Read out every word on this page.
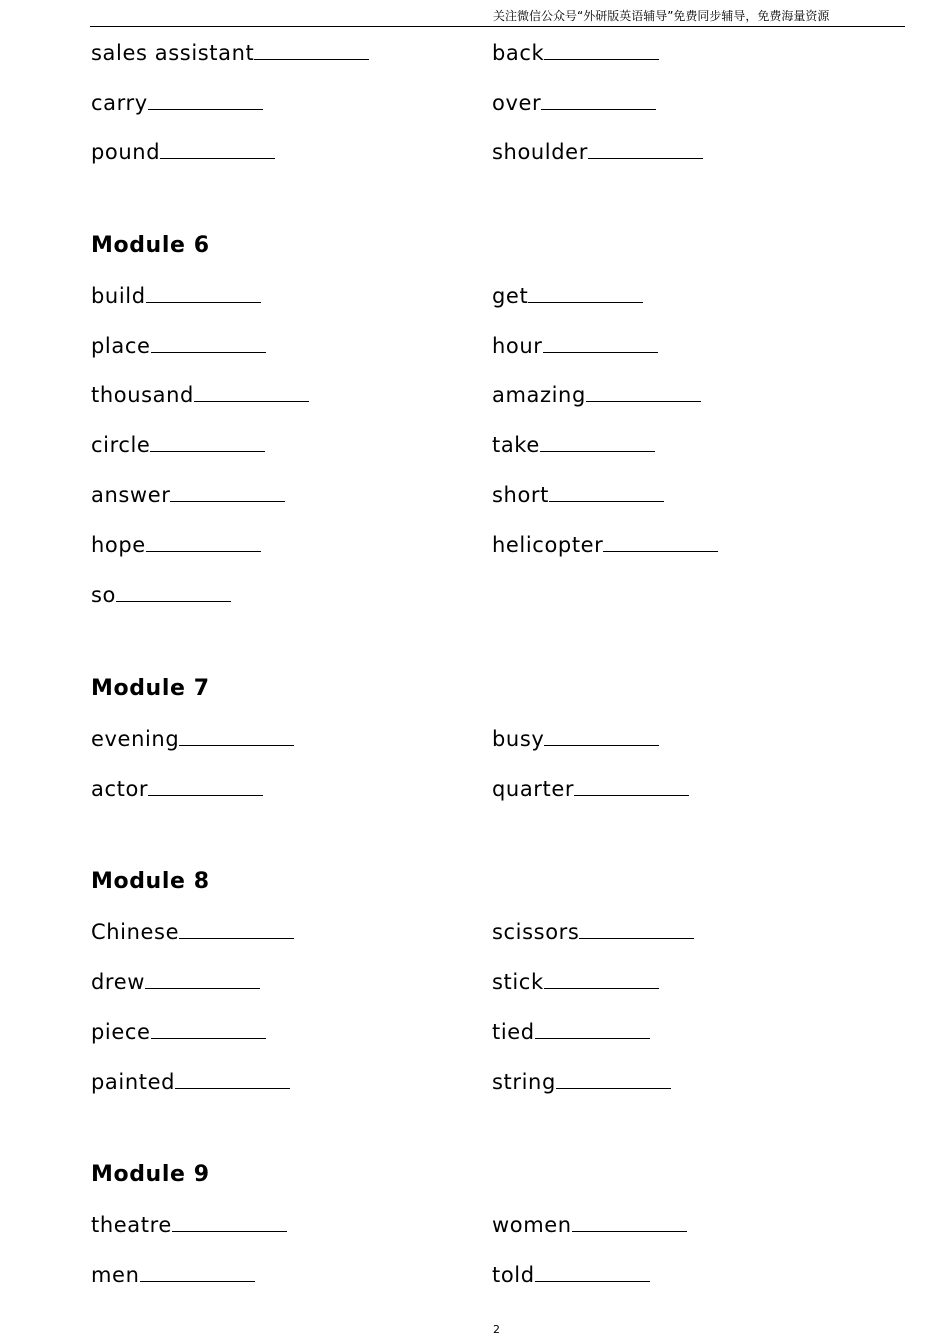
关注微信公众号“外研版英语辅导”免费同步辅导，免费海量资源
sales assistant	back
carry	over
pound	shoulder
Module 6
build	get
place	hour
thousand	amazing
circle	take
answer	short
hope	helicopter
so
Module 7
evening	busy
actor	quarter
Module 8
Chinese	scissors
drew	stick
piece	tied
painted	string
Module 9
theatre	women
men	told
2
